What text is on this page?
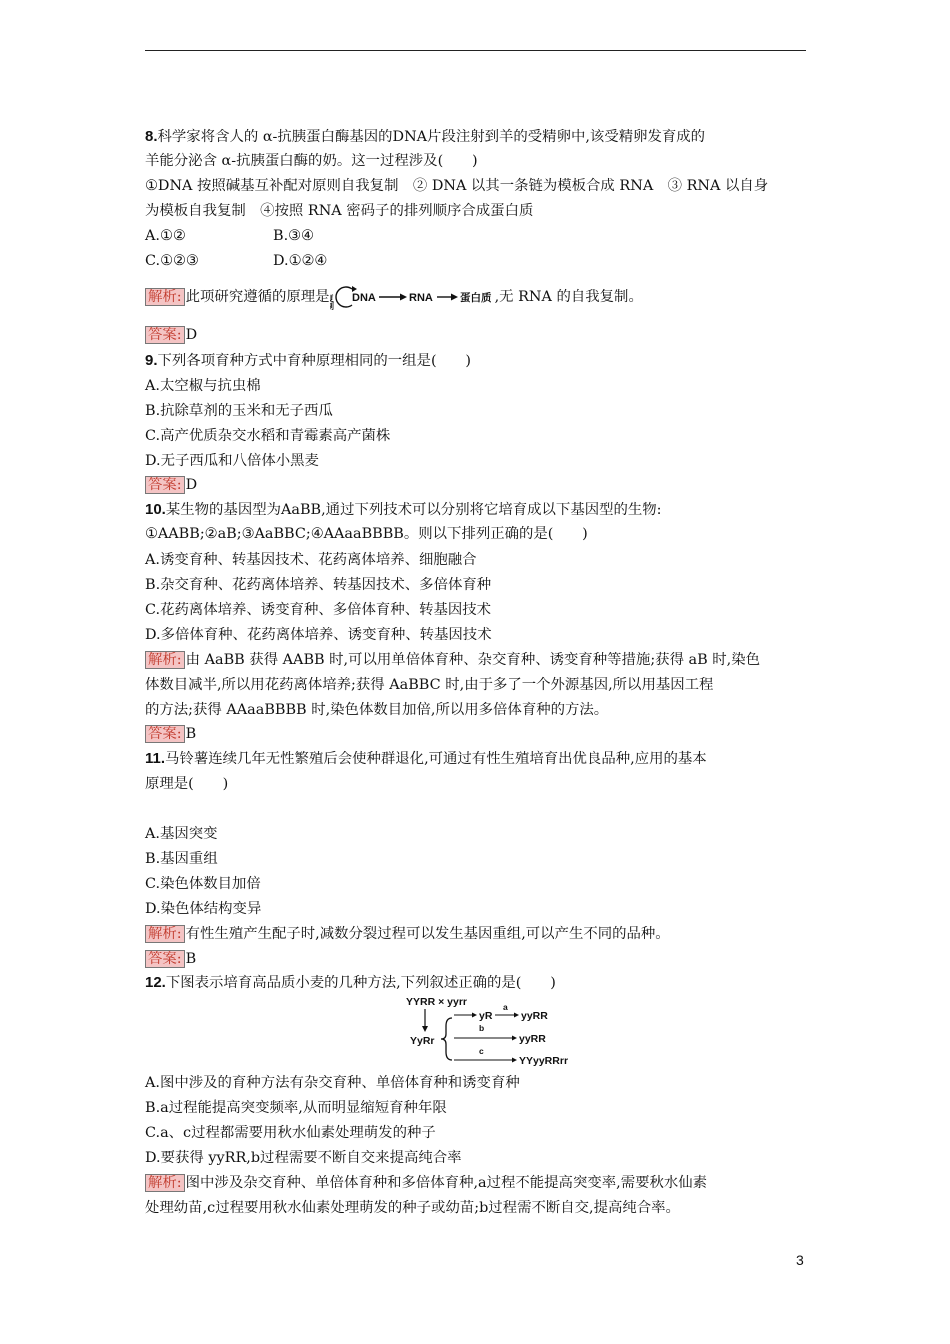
8.科学家将含人的 α-抗胰蛋白酶基因的DNA片段注射到羊的受精卵中,该受精卵发育成的
羊能分泌含 α-抗胰蛋白酶的奶。这一过程涉及(　　)
①DNA 按照碱基互补配对原则自我复制　② DNA 以其一条链为模板合成 RNA　③ RNA 以自身
为模板自我复制　④按照 RNA 密码子的排列顺序合成蛋白质
A.①②	B.③④
C.①②③	D.①②④
解析: 此项研究遵循的原理是
复制 DNA	RNA	蛋白质 ,无 RNA 的自我复制。
答案: D
9.下列各项育种方式中育种原理相同的一组是(　　)
A.太空椒与抗虫棉
B.抗除草剂的玉米和无子西瓜
C.高产优质杂交水稻和青霉素高产菌株
D.无子西瓜和八倍体小黑麦
答案: D
10.某生物的基因型为AaBB,通过下列技术可以分别将它培育成以下基因型的生物:
①AABB;②aB;③AaBBC;④AAaaBBBB。则以下排列正确的是(　　)
A.诱变育种、转基因技术、花药离体培养、细胞融合
B.杂交育种、花药离体培养、转基因技术、多倍体育种
C.花药离体培养、诱变育种、多倍体育种、转基因技术
D.多倍体育种、花药离体培养、诱变育种、转基因技术
解析: 由 AaBB 获得 AABB 时,可以用单倍体育种、杂交育种、诱变育种等措施;获得 aB 时,染色
体数目减半,所以用花药离体培养;获得 AaBBC 时,由于多了一个外源基因,所以用基因工程
的方法;获得 AAaaBBBB 时,染色体数目加倍,所以用多倍体育种的方法。
答案: B
11.马铃薯连续几年无性繁殖后会使种群退化,可通过有性生殖培育出优良品种,应用的基本
原理是(　　)
A.基因突变
B.基因重组
C.染色体数目加倍
D.染色体结构变异
解析: 有性生殖产生配子时,减数分裂过程可以发生基因重组,可以产生不同的品种。
答案: B
12.下图表示培育高品质小麦的几种方法,下列叙述正确的是(　　)
YYRR × yyrr
YyRr
yR
a
yyRR
b
yyRR
c
YYyyRRrr
A.图中涉及的育种方法有杂交育种、单倍体育种和诱变育种
B.a过程能提高突变频率,从而明显缩短育种年限
C.a、c过程都需要用秋水仙素处理萌发的种子
D.要获得 yyRR,b过程需要不断自交来提高纯合率
解析: 图中涉及杂交育种、单倍体育种和多倍体育种,a过程不能提高突变率,需要秋水仙素
处理幼苗,c过程要用秋水仙素处理萌发的种子或幼苗;b过程需不断自交,提高纯合率。
3
